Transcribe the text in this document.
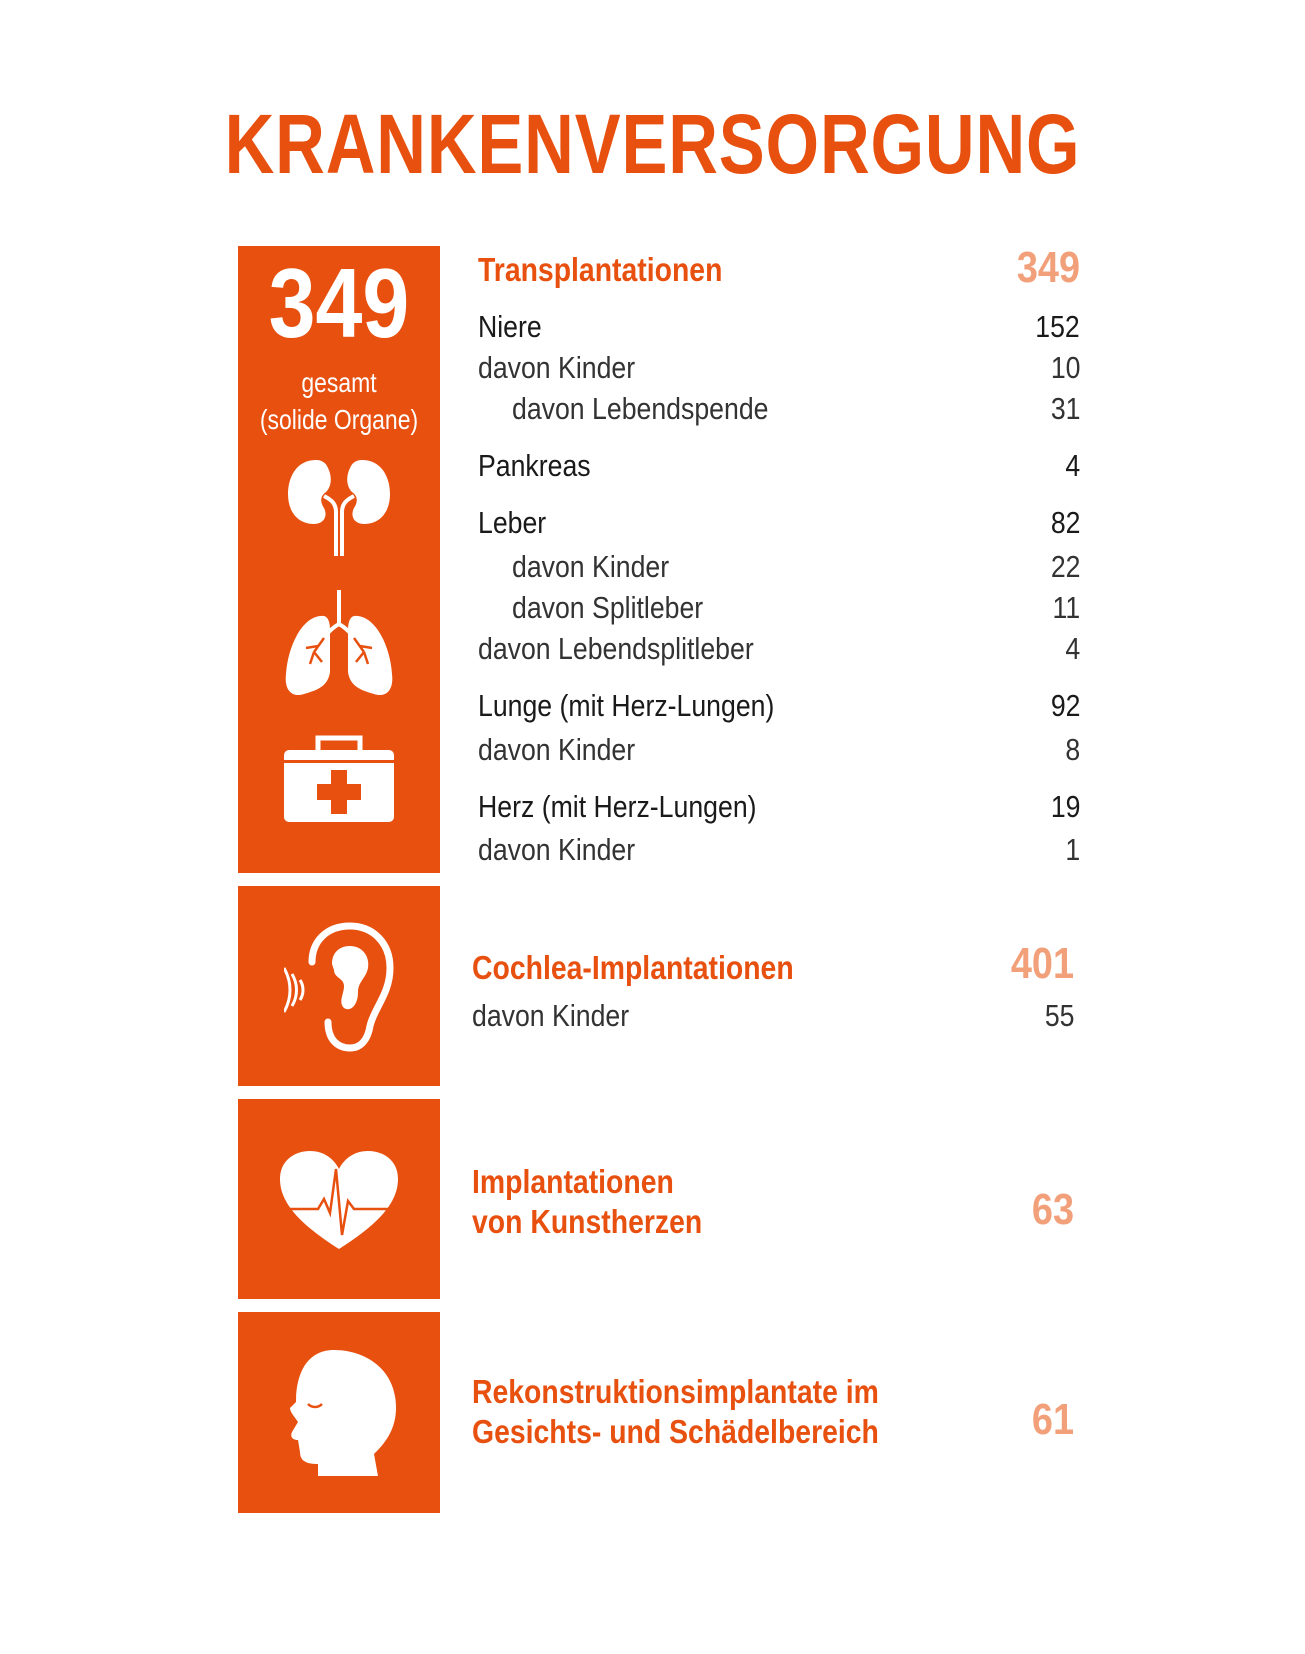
KRANKENVERSORGUNG
349
gesamt
(solide Organe)
Transplantationen	349
Niere	152
davon Kinder	10
davon Lebendspende	31
Pankreas	4
Leber	82
davon Kinder	22
davon Splitleber	11
davon Lebendsplitleber	4
Lunge (mit Herz-Lungen)	92
davon Kinder	8
Herz (mit Herz-Lungen)	19
davon Kinder	1
Cochlea-Implantationen	401
davon Kinder	55
Implantationen
von Kunstherzen	63
Rekonstruktionsimplantate im
Gesichts- und Schädelbereich	61
